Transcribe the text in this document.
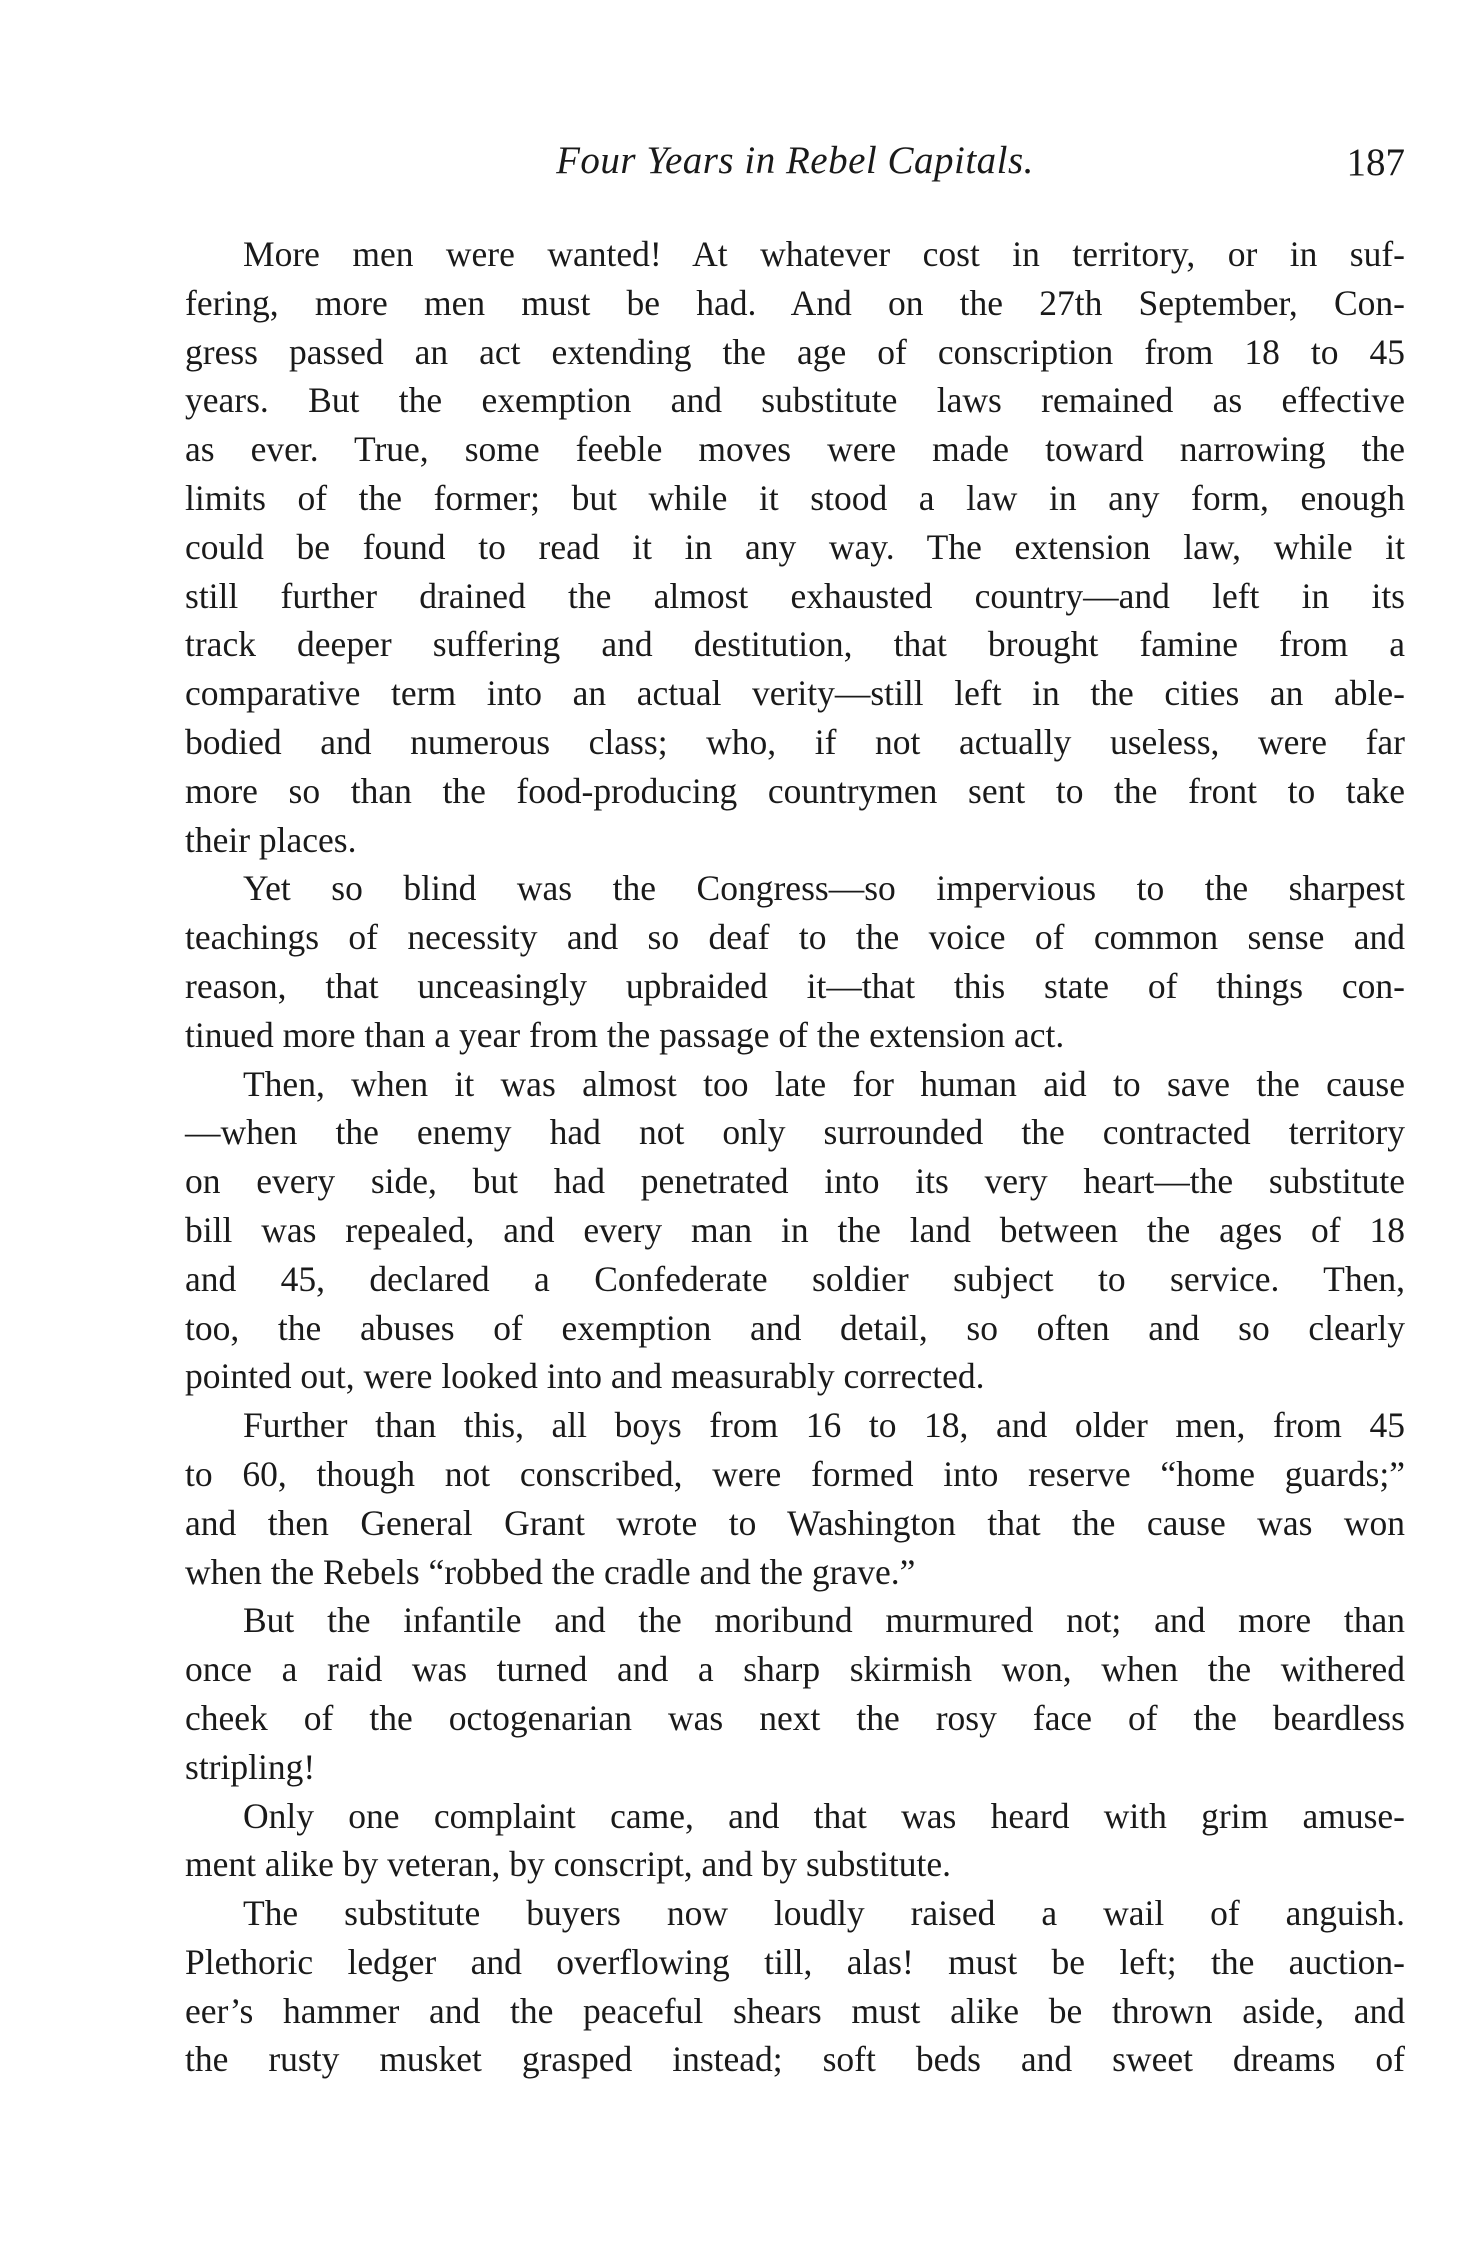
Four Years in Rebel Capitals.	187
More men were wanted! At whatever cost in territory, or in suf-
fering, more men must be had. And on the 27th September, Con-
gress passed an act extending the age of conscription from 18 to 45
years. But the exemption and substitute laws remained as effective
as ever. True, some feeble moves were made toward narrowing the
limits of the former; but while it stood a law in any form, enough
could be found to read it in any way. The extension law, while it
still further drained the almost exhausted country—and left in its
track deeper suffering and destitution, that brought famine from a
comparative term into an actual verity—still left in the cities an able-
bodied and numerous class; who, if not actually useless, were far
more so than the food-producing countrymen sent to the front to take
their places.
Yet so blind was the Congress—so impervious to the sharpest
teachings of necessity and so deaf to the voice of common sense and
reason, that unceasingly upbraided it—that this state of things con-
tinued more than a year from the passage of the extension act.
Then, when it was almost too late for human aid to save the cause
—when the enemy had not only surrounded the contracted territory
on every side, but had penetrated into its very heart—the substitute
bill was repealed, and every man in the land between the ages of 18
and 45, declared a Confederate soldier subject to service. Then,
too, the abuses of exemption and detail, so often and so clearly
pointed out, were looked into and measurably corrected.
Further than this, all boys from 16 to 18, and older men, from 45
to 60, though not conscribed, were formed into reserve “home guards;”
and then General Grant wrote to Washington that the cause was won
when the Rebels “robbed the cradle and the grave.”
But the infantile and the moribund murmured not; and more than
once a raid was turned and a sharp skirmish won, when the withered
cheek of the octogenarian was next the rosy face of the beardless
stripling!
Only one complaint came, and that was heard with grim amuse-
ment alike by veteran, by conscript, and by substitute.
The substitute buyers now loudly raised a wail of anguish.
Plethoric ledger and overflowing till, alas! must be left; the auction-
eer’s hammer and the peaceful shears must alike be thrown aside, and
the rusty musket grasped instead; soft beds and sweet dreams of
